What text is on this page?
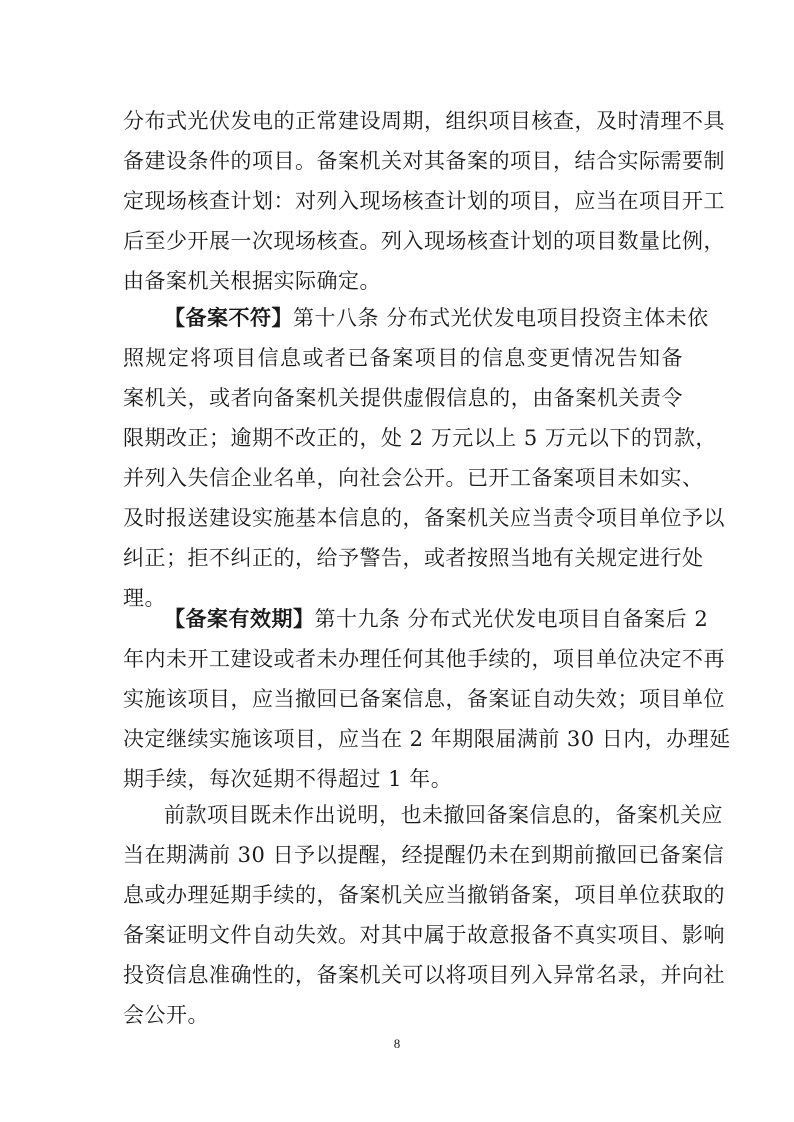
分布式光伏发电的正常建设周期，组织项目核查，及时清理不具
备建设条件的项目。备案机关对其备案的项目，结合实际需要制
定现场核查计划：对列入现场核查计划的项目，应当在项目开工
后至少开展一次现场核查。列入现场核查计划的项目数量比例，
由备案机关根据实际确定。
【备案不符】第十八条 分布式光伏发电项目投资主体未依
照规定将项目信息或者已备案项目的信息变更情况告知备
案机关，或者向备案机关提供虚假信息的，由备案机关责令
限期改正；逾期不改正的，处 2 万元以上 5 万元以下的罚款，
并列入失信企业名单，向社会公开。已开工备案项目未如实、
及时报送建设实施基本信息的，备案机关应当责令项目单位予以
纠正；拒不纠正的，给予警告，或者按照当地有关规定进行处
理。
【备案有效期】第十九条 分布式光伏发电项目自备案后 2
年内未开工建设或者未办理任何其他手续的，项目单位决定不再
实施该项目，应当撤回已备案信息，备案证自动失效；项目单位
决定继续实施该项目，应当在 2 年期限届满前 30 日内，办理延
期手续，每次延期不得超过 1 年。
前款项目既未作出说明，也未撤回备案信息的，备案机关应
当在期满前 30 日予以提醒，经提醒仍未在到期前撤回已备案信
息或办理延期手续的，备案机关应当撤销备案，项目单位获取的
备案证明文件自动失效。对其中属于故意报备不真实项目、影响
投资信息准确性的，备案机关可以将项目列入异常名录，并向社
会公开。
8
